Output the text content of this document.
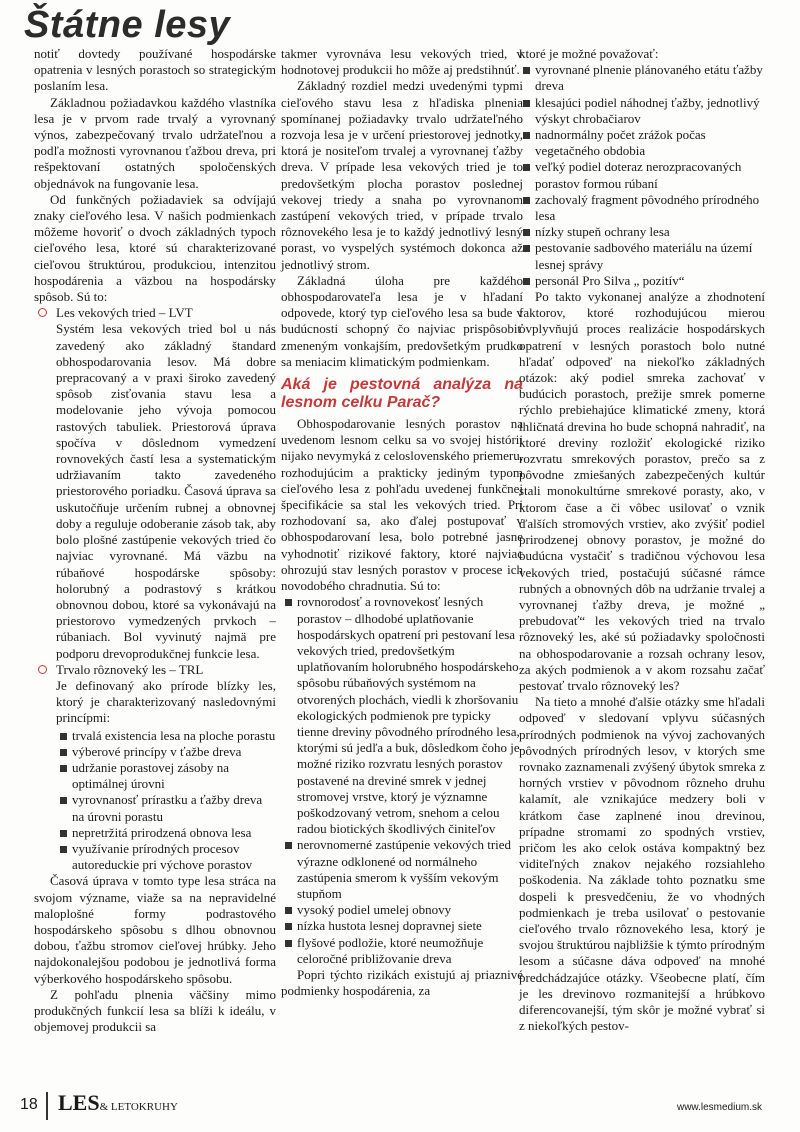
Štátne lesy

notiť dovtedy používané hospodárske opatrenia v lesných porastoch so strategickým poslaním lesa.

Základnou požiadavkou každého vlastníka lesa je v prvom rade trvalý a vyrovnaný výnos, zabezpečovaný trvalo udržateľnou a podľa možnosti vyrovnanou ťažbou dreva, pri rešpektovaní ostatných spoločenských objednávok na fungovanie lesa.

Od funkčných požiadaviek sa odvíjajú znaky cieľového lesa. V našich podmienkach môžeme hovoriť o dvoch základných typoch cieľového lesa, ktoré sú charakterizované cieľovou štruktúrou, produkciou, intenzitou hospodárenia a väzbou na hospodársky spôsob. Sú to:

Les vekových tried – LVT

Systém lesa vekových tried bol u nás zavedený ako základný štandard obhospodarovania lesov. Má dobre prepracovaný a v praxi široko zavedený spôsob zisťovania stavu lesa a modelovanie jeho vývoja pomocou rastových tabuliek. Priestorová úprava spočíva v dôslednom vymedzení rovnovekých častí lesa a systematickým udržiavaním takto zavedeného priestorového poriadku. Časová úprava sa uskutočňuje určením rubnej a obnovnej doby a reguluje odoberanie zásob tak, aby bolo plošné zastúpenie vekových tried čo najviac vyrovnané. Má väzbu na rúbaňové hospodárske spôsoby: holorubný a podrastový s krátkou obnovnou dobou, ktoré sa vykonávajú na priestorovo vymedzených prvkoch – rúbaniach. Bol vyvinutý najmä pre podporu drevoprodukčnej funkcie lesa.

Trvalo rôznoveký les – TRL

Je definovaný ako prírode blízky les, ktorý je charakterizovaný nasledovnými princípmi:

trvalá existencia lesa na ploche porastu
výberové princípy v ťažbe dreva
udržanie porastovej zásoby na optimálnej úrovni
vyrovnanosť prírastku a ťažby dreva na úrovni porastu
nepretržitá prirodzená obnova lesa
využívanie prírodných procesov autoreduckie pri výchove porastov

Časová úprava v tomto type lesa stráca na svojom význame, viaže sa na nepravidelné maloplošné formy podrastového hospodárskeho spôsobu s dlhou obnovnou dobou, ťažbu stromov cieľovej hrúbky. Jeho najdokonalejšou podobou je jednotlivá forma výberkového hospodárskeho spôsobu.

Z pohľadu plnenia väčšiny mimo produkčných funkcií lesa sa blíži k ideálu, v objemovej produkcii sa

takmer vyrovnáva lesu vekových tried, v hodnotovej produkcii ho môže aj predstihnúť.

Základný rozdiel medzi uvedenými typmi cieľového stavu lesa z hľadiska plnenia spomínanej požiadavky trvalo udržateľného rozvoja lesa je v určení priestorovej jednotky, ktorá je nositeľom trvalej a vyrovnanej ťažby dreva. V prípade lesa vekových tried je to predovšetkým plocha porastov poslednej vekovej triedy a snaha po vyrovnanom zastúpení vekových tried, v prípade trvalo rôznovekého lesa je to každý jednotlivý lesný porast, vo vyspelých systémoch dokonca až jednotlivý strom.

Základná úloha pre každého obhospodarovateľa lesa je v hľadaní odpovede, ktorý typ cieľového lesa sa bude v budúcnosti schopný čo najviac prispôsobiť zmeneným vonkajším, predovšetkým prudko sa meniacim klimatickým podmienkam.

Aká je pestovná analýza na lesnom celku Parač?

Obhospodarovanie lesných porastov na uvedenom lesnom celku sa vo svojej histórii nijako nevymyká z celoslovenského priemeru, rozhodujúcim a prakticky jediným typom cieľového lesa z pohľadu uvedenej funkčnej špecifikácie sa stal les vekových tried. Pri rozhodovaní sa, ako ďalej postupovať v obhospodarovaní lesa, bolo potrebné jasne vyhodnotiť rizikové faktory, ktoré najviac ohrozujú stav lesných porastov v procese ich novodobého chradnutia. Sú to:

rovnorodosť a rovnovekosť lesných porastov – dlhodobé uplatňovanie hospodárskych opatrení pri pestovaní lesa vekových tried, predovšetkým uplatňovaním holorubného hospodárskeho spôsobu rúbaňových systémom na otvorených plochách, viedli k zhoršovaniu ekologických podmienok pre typicky tienne dreviny pôvodného prírodného lesa, ktorými sú jedľa a buk, dôsledkom čoho je možné riziko rozvratu lesných porastov postavené na dreviné smrek v jednej stromovej vrstve, ktorý je významne poškodzovaný vetrom, snehom a celou radou biotických škodlivých činiteľov
nerovnomerné zastúpenie vekových tried výrazne odklonené od normálneho zastúpenia smerom k vyšším vekovým stupňom
vysoký podiel umelej obnovy
nízka hustota lesnej dopravnej siete
flyšové podložie, ktoré neumožňuje celoročné približovanie dreva

Popri týchto rizikách existujú aj priaznivé podmienky hospodárenia, za

ktoré je možné považovať:

vyrovnané plnenie plánovaného etátu ťažby dreva
klesajúci podiel náhodnej ťažby, jednotlivý výskyt chrobačiarov
nadnormálny počet zrážok počas vegetačného obdobia
veľký podiel doteraz nerozpracovaných porastov formou rúbaní
zachovalý fragment pôvodného prírodného lesa
nízky stupeň ochrany lesa
pestovanie sadbového materiálu na území lesnej správy
personál Pro Silva „ pozitív“

Po takto vykonanej analýze a zhodnotení faktorov, ktoré rozhodujúcou mierou ovplyvňujú proces realizácie hospodárskych opatrení v lesných porastoch bolo nutné hľadať odpoveď na niekoľko základných otázok: aký podiel smreka zachovať v budúcich porastoch, prežije smrek pomerne rýchlo prebiehajúce klimatické zmeny, ktorá ihličnatá drevina ho bude schopná nahradiť, na ktoré dreviny rozložiť ekologické riziko rozvratu smrekových porastov, prečo sa z pôvodne zmiešaných zabezpečených kultúr stali monokultúrne smrekové porasty, ako, v ktorom čase a či vôbec usilovať o vznik ďalších stromových vrstiev, ako zvýšiť podiel prirodzenej obnovy porastov, je možné do budúcna vystačiť s tradičnou výchovou lesa vekových tried, postačujú súčasné rámce rubných a obnovných dôb na udržanie trvalej a vyrovnanej ťažby dreva, je možné „ prebudovať“ les vekových tried na trvalo rôznoveký les, aké sú požiadavky spoločnosti na obhospodarovanie a rozsah ochrany lesov, za akých podmienok a v akom rozsahu začať pestovať trvalo rôznoveký les?

Na tieto a mnohé ďalšie otázky sme hľadali odpoveď v sledovaní vplyvu súčasných prírodných podmienok na vývoj zachovaných pôvodných prírodných lesov, v ktorých sme rovnako zaznamenali zvýšený úbytok smreka z horných vrstiev v pôvodnom rôzneho druhu kalamít, ale vznikajúce medzery boli v krátkom čase zaplnené inou drevinou, prípadne stromami zo spodných vrstiev, pričom les ako celok ostáva kompaktný bez viditeľných znakov nejakého rozsiahleho poškodenia. Na základe tohto poznatku sme dospeli k presvedčeniu, že vo vhodných podmienkach je treba usilovať o pestovanie cieľového trvalo rôznovekého lesa, ktorý je svojou štruktúrou najbližšie k týmto prírodným lesom a súčasne dáva odpoveď na mnohé predchádzajúce otázky. Všeobecne platí, čím je les drevinovo rozmanitejší a hrúbkovo diferencovanejší, tým skôr je možné vybrať si z niekoľkých pestov-

18 LES& LETOKRUHY	www.lesmedium.sk
